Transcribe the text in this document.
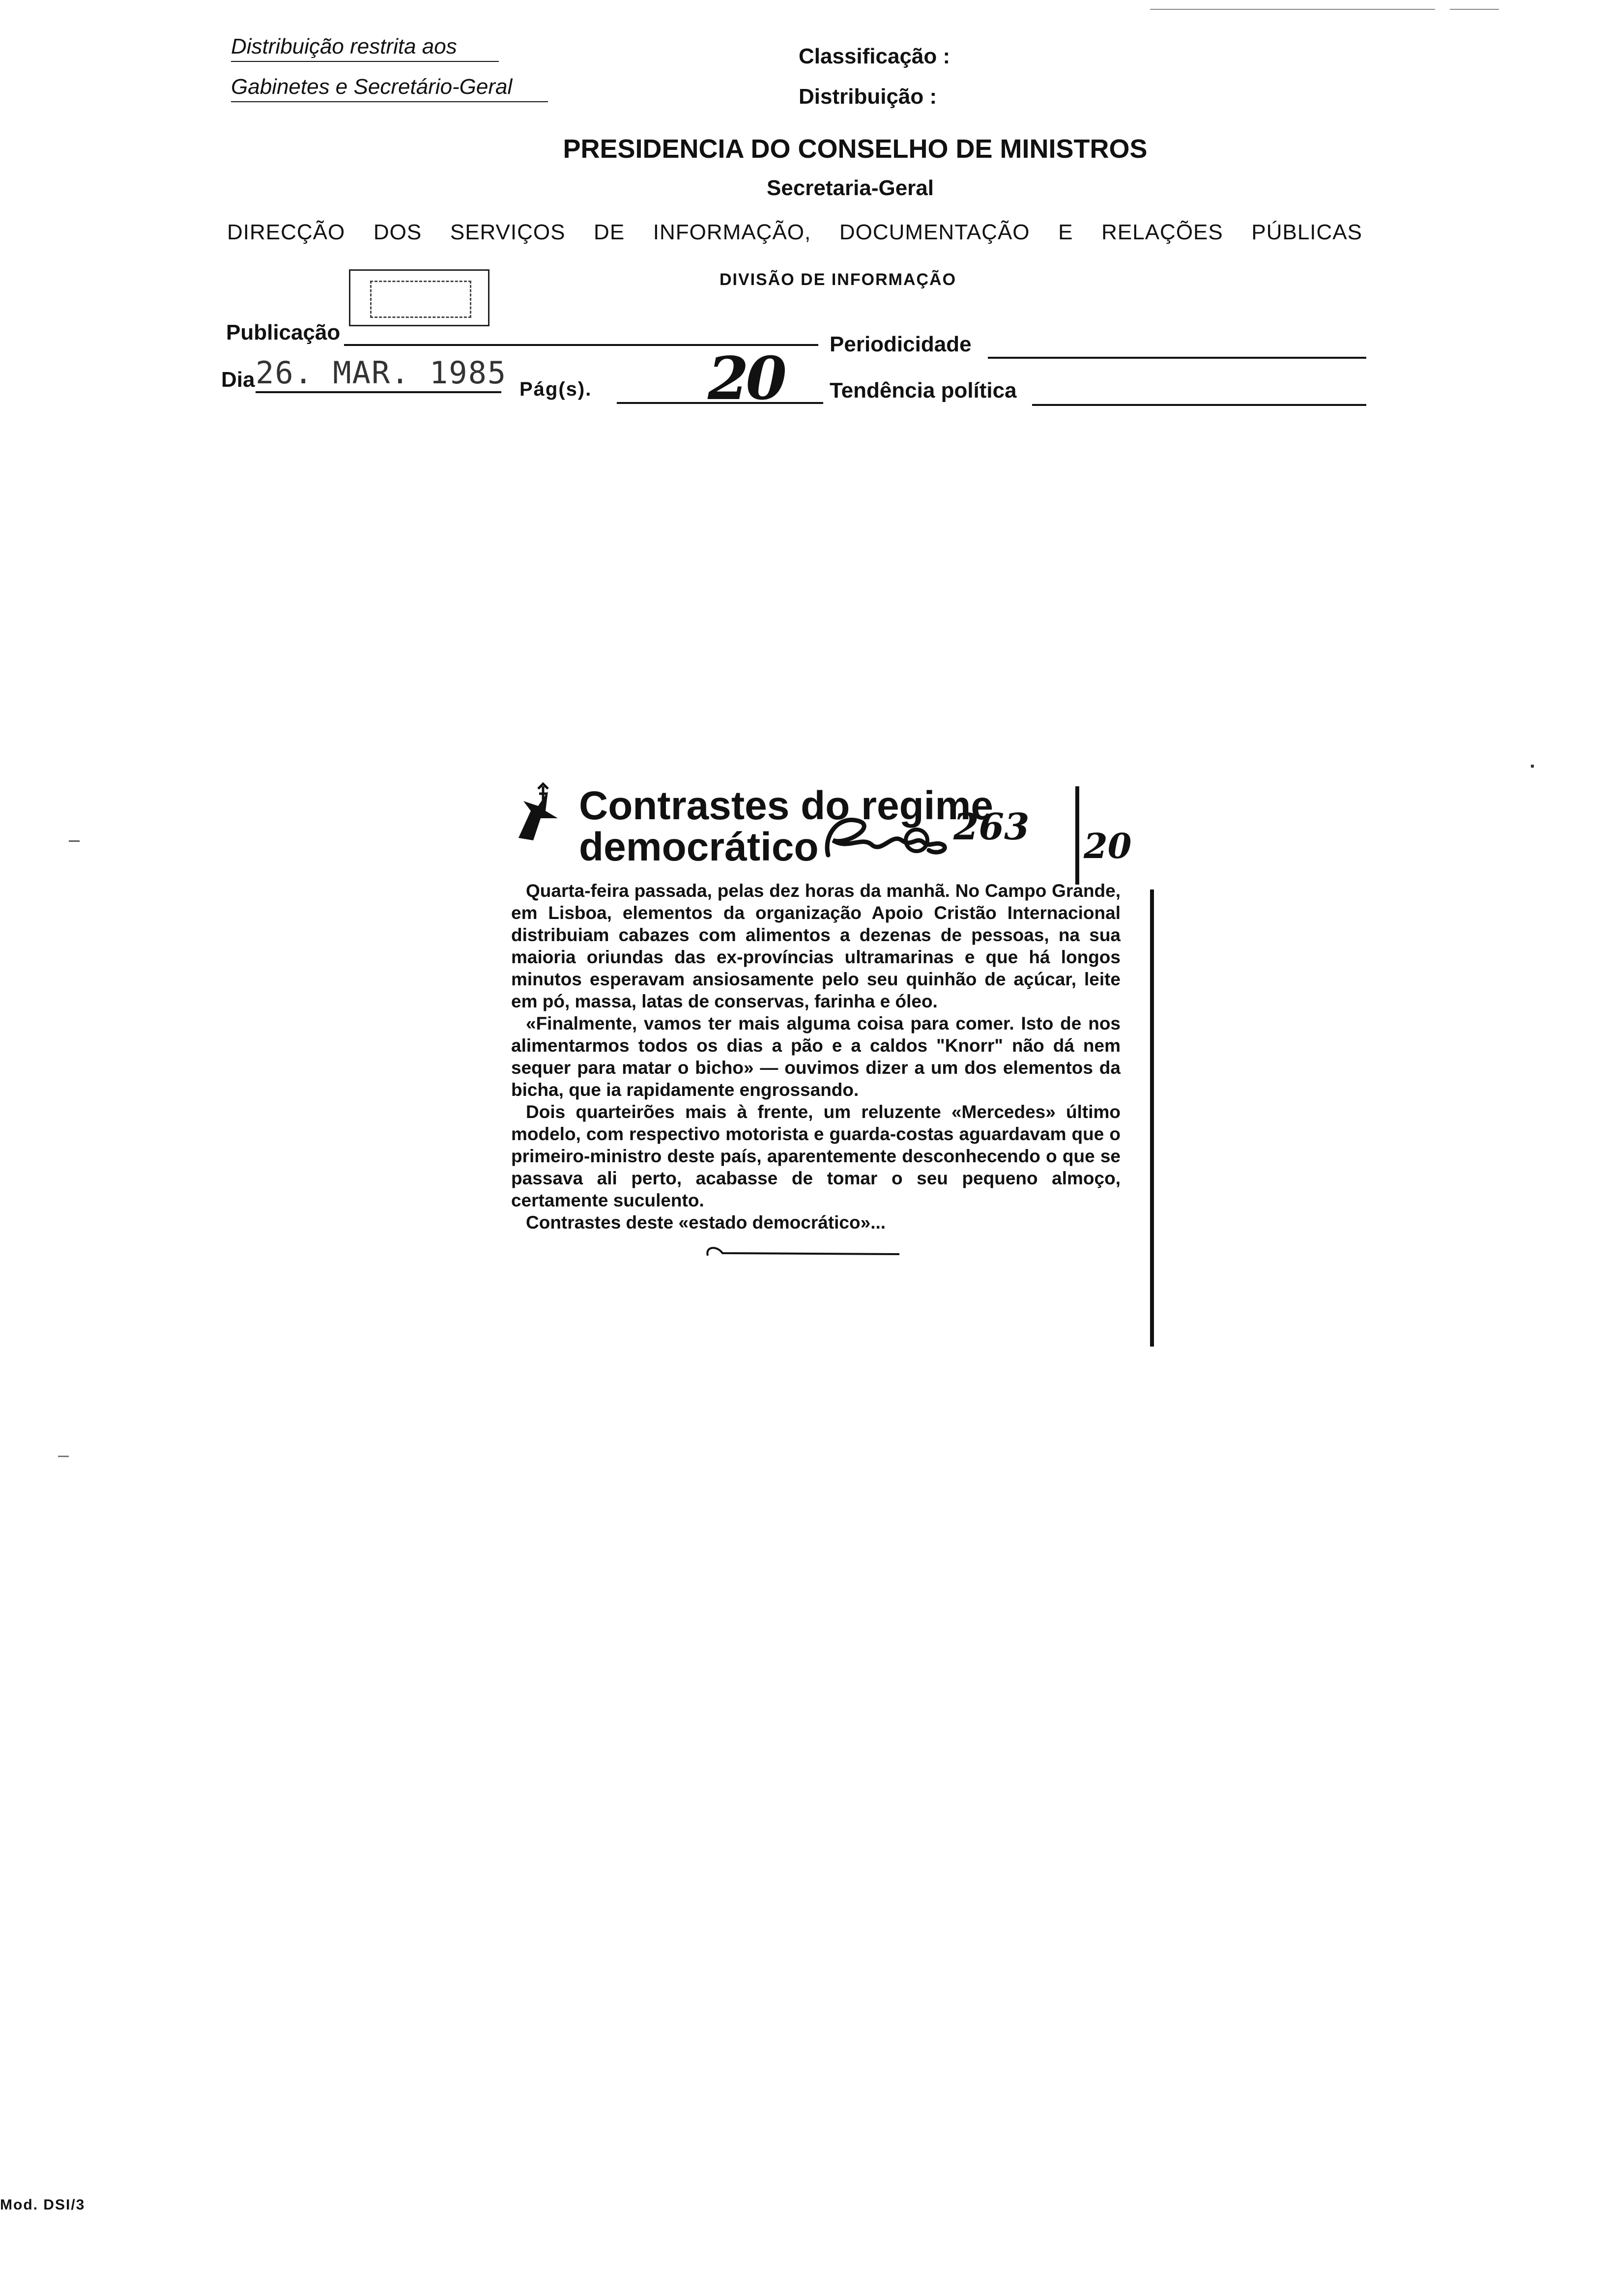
Distribuição restrita aos
Gabinetes e Secretário-Geral
Classificação :
Distribuição :
PRESIDENCIA DO CONSELHO DE MINISTROS
Secretaria-Geral
DIRECÇÃO DOS SERVIÇOS DE INFORMAÇÃO, DOCUMENTAÇÃO E RELAÇÕES PÚBLICAS
DIVISÃO DE INFORMAÇÃO
Publicação	Periodicidade
Dia 26. MAR. 1985 Pág(s). 20 Tendência política
Contrastes do regime
democrático	263 20

Quarta-feira passada, pelas dez horas da manhã. No Campo Grande, em Lisboa, elementos da organização Apoio Cristão Internacional distribuiam cabazes com alimentos a dezenas de pessoas, na sua maioria oriundas das ex-províncias ultramarinas e que há longos minutos esperavam ansiosamente pelo seu quinhão de açúcar, leite em pó, massa, latas de conservas, farinha e óleo.

«Finalmente, vamos ter mais alguma coisa para comer. Isto de nos alimentarmos todos os dias a pão e a caldos "Knorr" não dá nem sequer para matar o bicho» — ouvimos dizer a um dos elementos da bicha, que ia rapidamente engrossando.

Dois quarteirões mais à frente, um reluzente «Mercedes» último modelo, com respectivo motorista e guarda-costas aguardavam que o primeiro-ministro deste país, aparentemente desconhecendo o que se passava ali perto, acabasse de tomar o seu pequeno almoço, certamente suculento.

Contrastes deste «estado democrático»...

Mod. DSI/3
